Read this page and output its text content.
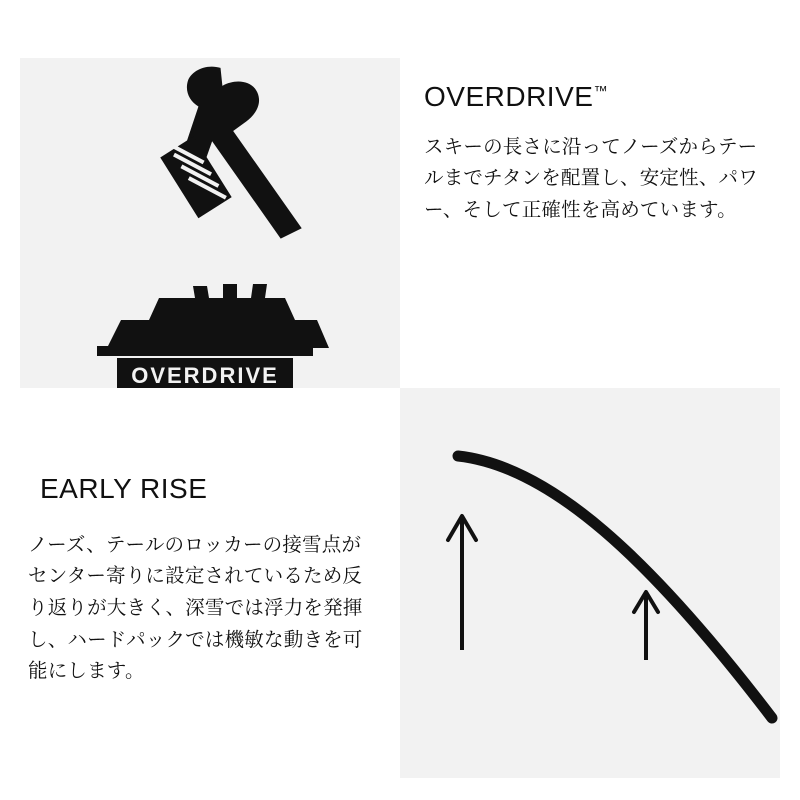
OVERDRIVE
OVERDRIVE™

スキーの長さに沿ってノーズからテールまでチタンを配置し、安定性、パワー、そして正確性を高めています。

EARLY RISE

ノーズ、テールのロッカーの接雪点がセンター寄りに設定されているため反り返りが大きく、深雪では浮力を発揮し、ハードパックでは機敏な動きを可能にします。
